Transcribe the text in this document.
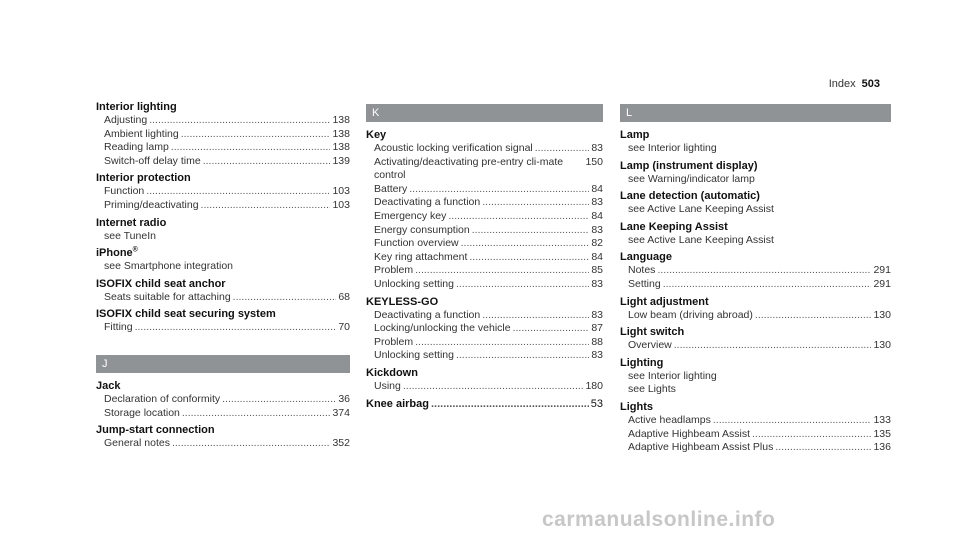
Index 503
Interior lighting
Adjusting .....	138
Ambient lighting .....	138
Reading lamp .....	138
Switch-off delay time .....	139
Interior protection
Function .....	103
Priming/deactivating .....	103
Internet radio
see TuneIn
iPhone®
see Smartphone integration
ISOFIX child seat anchor
Seats suitable for attaching .....	68
ISOFIX child seat securing system
Fitting .....	70
J
Jack
Declaration of conformity .....	36
Storage location .....	374
Jump-start connection
General notes .....	352
K
Key
Acoustic locking verification signal .....	83
Activating/deactivating pre-entry cli-mate control
150
Battery .....	84
Deactivating a function .....	83
Emergency key .....	84
Energy consumption .....	83
Function overview .....	82
Key ring attachment .....	84
Problem .....	85
Unlocking setting .....	83
KEYLESS-GO
Deactivating a function .....	83
Locking/unlocking the vehicle .....	87
Problem .....	88
Unlocking setting .....	83
Kickdown
Using .....	180
Knee airbag .....	53
L
Lamp
see Interior lighting
Lamp (instrument display)
see Warning/indicator lamp
Lane detection (automatic)
see Active Lane Keeping Assist
Lane Keeping Assist
see Active Lane Keeping Assist
Language
Notes .....	291
Setting .....	291
Light adjustment
Low beam (driving abroad) .....	130
Light switch
Overview .....	130
Lighting
see Interior lighting
see Lights
Lights
Active headlamps .....	133
Adaptive Highbeam Assist .....	135
Adaptive Highbeam Assist Plus .....	136
carmanualsonline.info
